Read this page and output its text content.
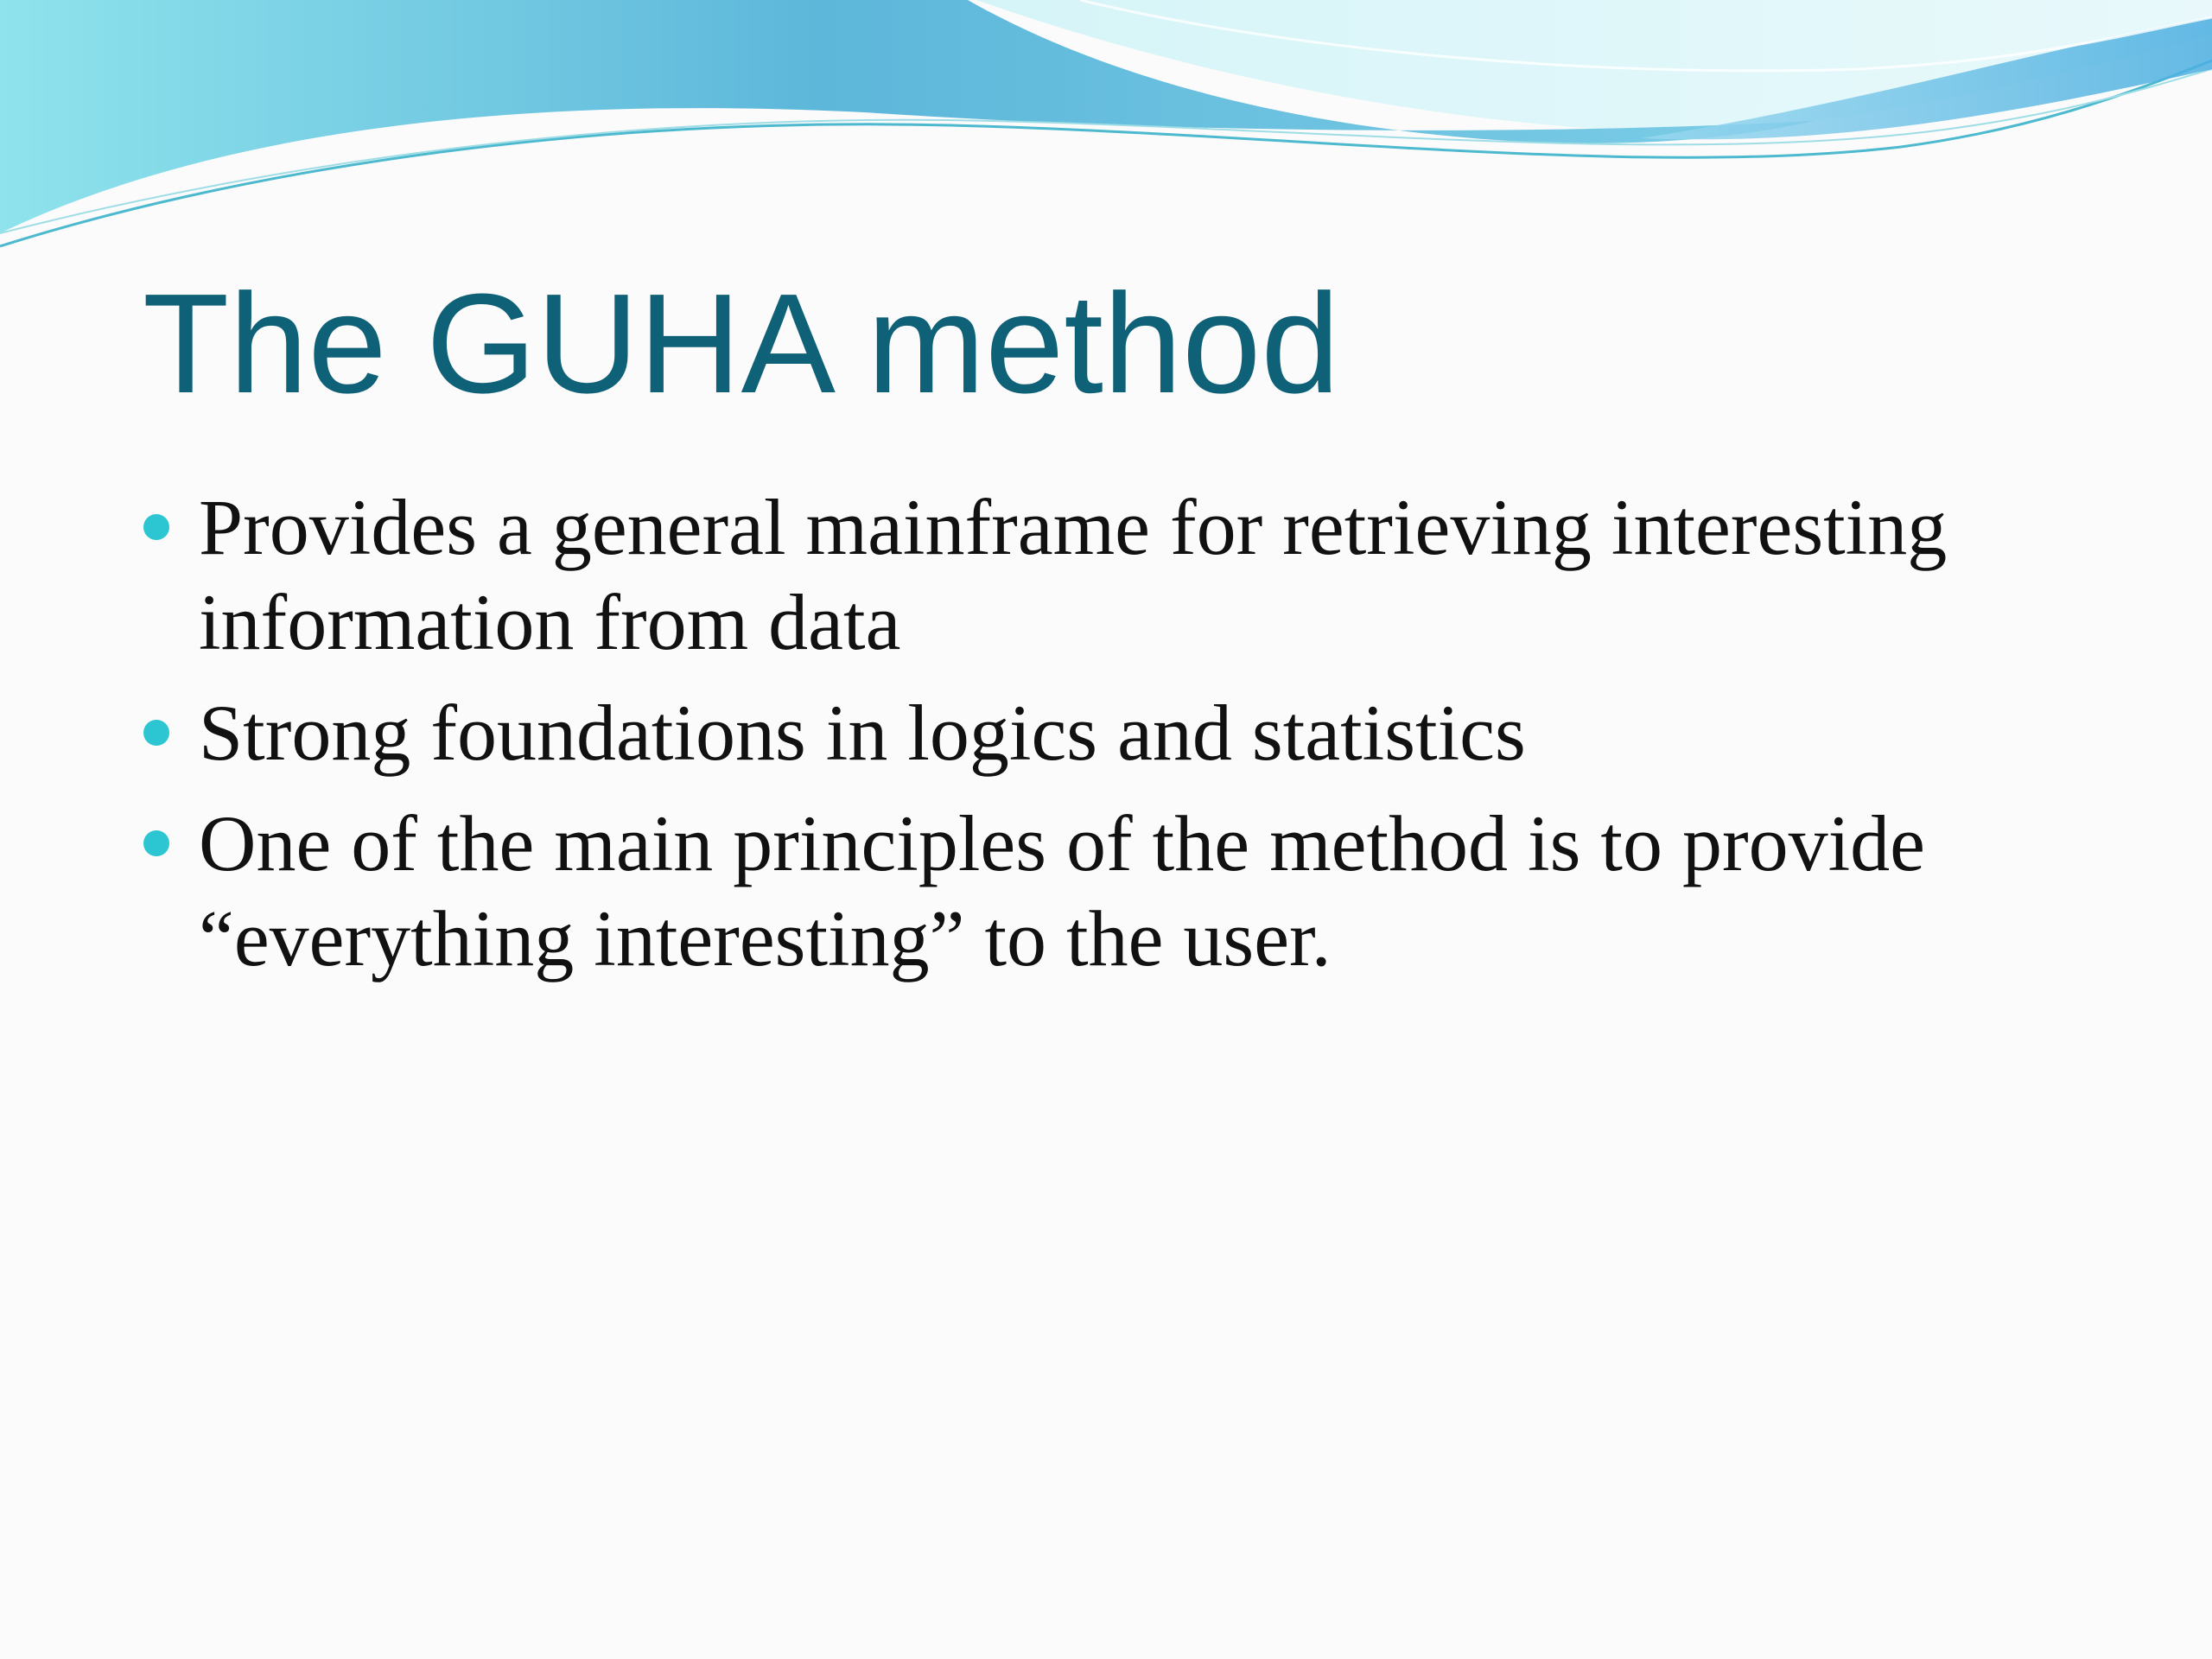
The GUHA method
Provides a general mainframe for retrieving interesting information from data
Strong foundations in logics and statistics
One of the main principles of the method is to provide “everything interesting” to the user.
